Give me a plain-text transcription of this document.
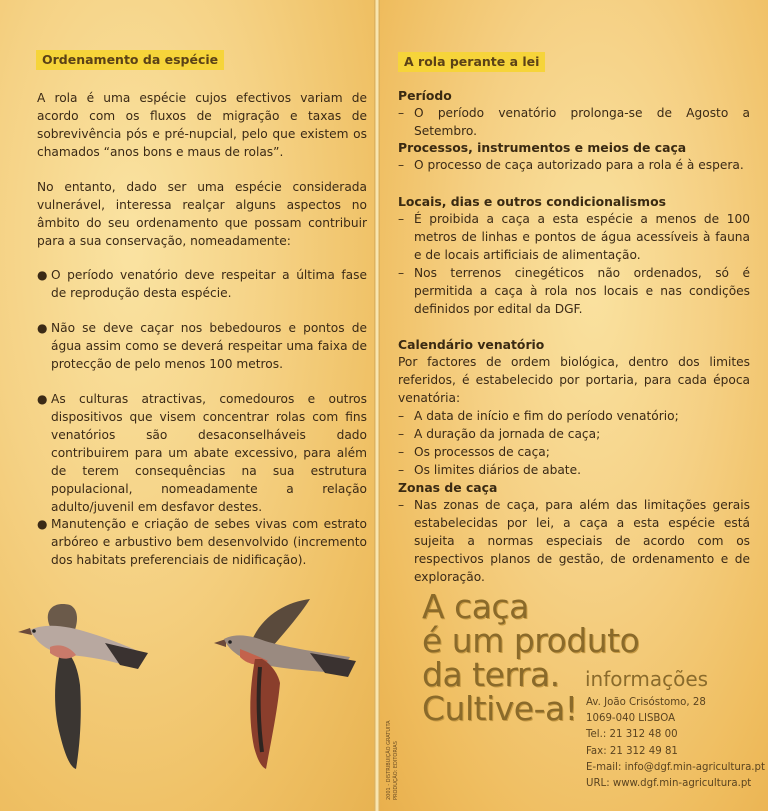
Ordenamento da espécie
A rola é uma espécie cujos efectivos variam de acordo com os fluxos de migração e taxas de sobrevivência pós e pré-nupcial, pelo que existem os chamados “anos bons e maus de rolas”.
No entanto, dado ser uma espécie considerada vulnerável, interessa realçar alguns aspectos no âmbito do seu ordenamento que possam contribuir para a sua conservação, nomeadamente:
● O período venatório deve respeitar a última fase de reprodução desta espécie.
● Não se deve caçar nos bebedouros e pontos de água assim como se deverá respeitar uma faixa de protecção de pelo menos 100 metros.
● As culturas atractivas, comedouros e outros dispositivos que visem concentrar rolas com fins venatórios são desaconselháveis dado contribuirem para um abate excessivo, para além de terem consequências na sua estrutura populacional, nomeadamente a relação adulto/juvenil em desfavor destes.
● Manutenção e criação de sebes vivas com estrato arbóreo e arbustivo bem desenvolvido (incremento dos habitats preferenciais de nidificação).
A rola perante a lei
Período
– O período venatório prolonga-se de Agosto a Setembro.
Processos, instrumentos e meios de caça
– O processo de caça autorizado para a rola é à espera.
Locais, dias e outros condicionalismos
– É proibida a caça a esta espécie a menos de 100 metros de linhas e pontos de água acessíveis à fauna e de locais artificiais de alimentação.
– Nos terrenos cinegéticos não ordenados, só é permitida a caça à rola nos locais e nas condições definidos por edital da DGF.
Calendário venatório
Por factores de ordem biológica, dentro dos limites referidos, é estabelecido por portaria, para cada época venatória:
– A data de início e fim do período venatório;
– A duração da jornada de caça;
– Os processos de caça;
– Os limites diários de abate.
Zonas de caça
– Nas zonas de caça, para além das limitações gerais estabelecidas por lei, a caça a esta espécie está sujeita a normas especiais de acordo com os respectivos planos de gestão, de ordenamento e de exploração.
A caça
é um produto
da terra.
Cultive-a!
informações
Av. João Crisóstomo, 28
1069-040 LISBOA
Tel.: 21 312 48 00
Fax: 21 312 49 81
E-mail: info@dgf.min-agricultura.pt
URL: www.dgf.min-agricultura.pt
2001 - DISTRIBUIÇÃO GRATUITA PRODUÇÃO: EDITORIAS
